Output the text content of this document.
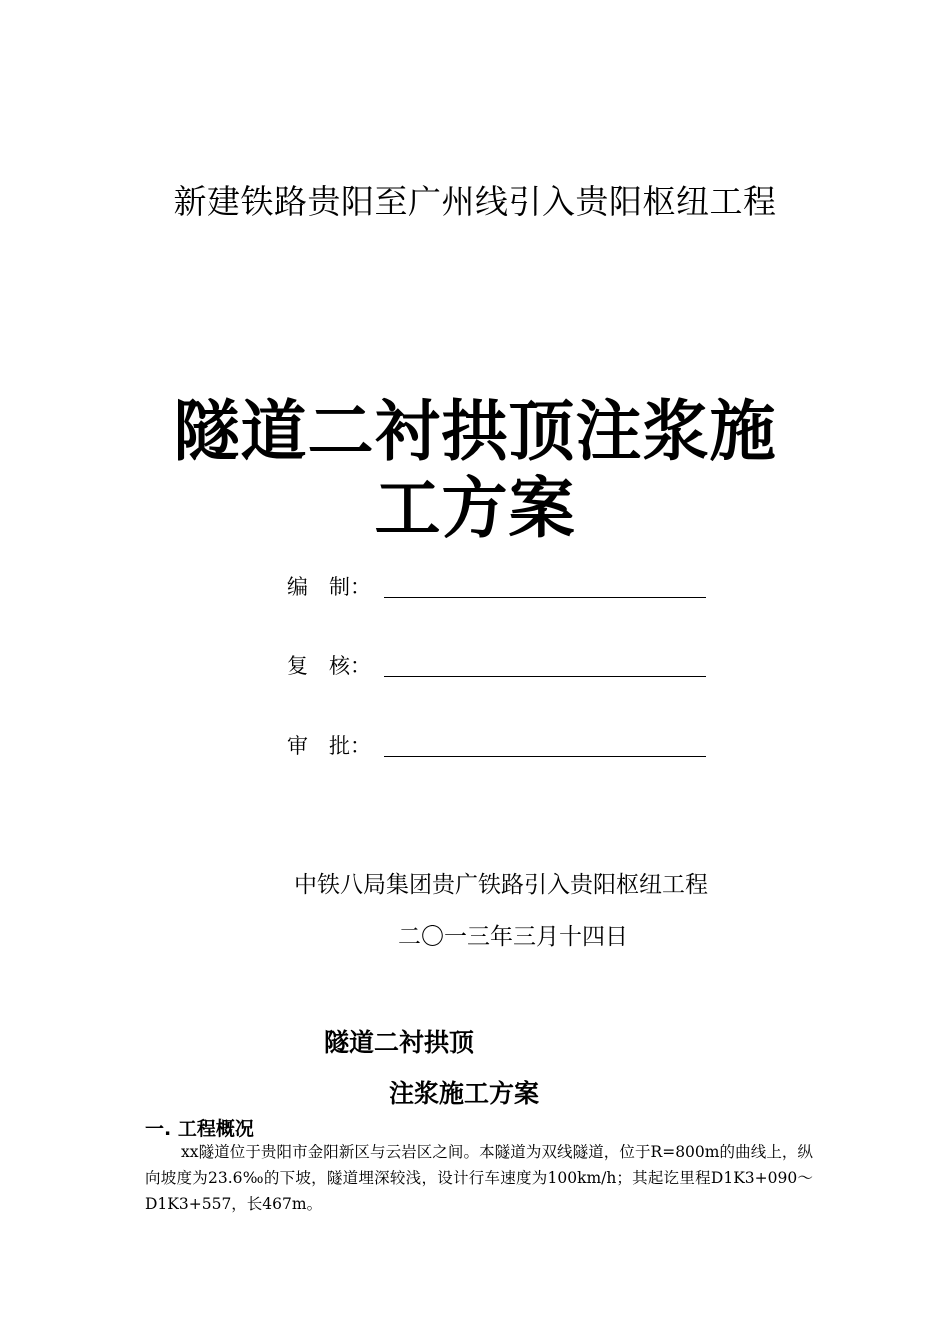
新建铁路贵阳至广州线引入贵阳枢纽工程
隧道二衬拱顶注浆施
工方案
编　制：
复　核：
审　批：
中铁八局集团贵广铁路引入贵阳枢纽工程
二〇一三年三月十四日
隧道二衬拱顶
注浆施工方案
一. 工程概况
xx隧道位于贵阳市金阳新区与云岩区之间。本隧道为双线隧道，位于R=800m的曲线上，纵向坡度为23.6‰的下坡，隧道埋深较浅，设计行车速度为100km/h；其起讫里程D1K3+090～D1K3+557，长467m。
